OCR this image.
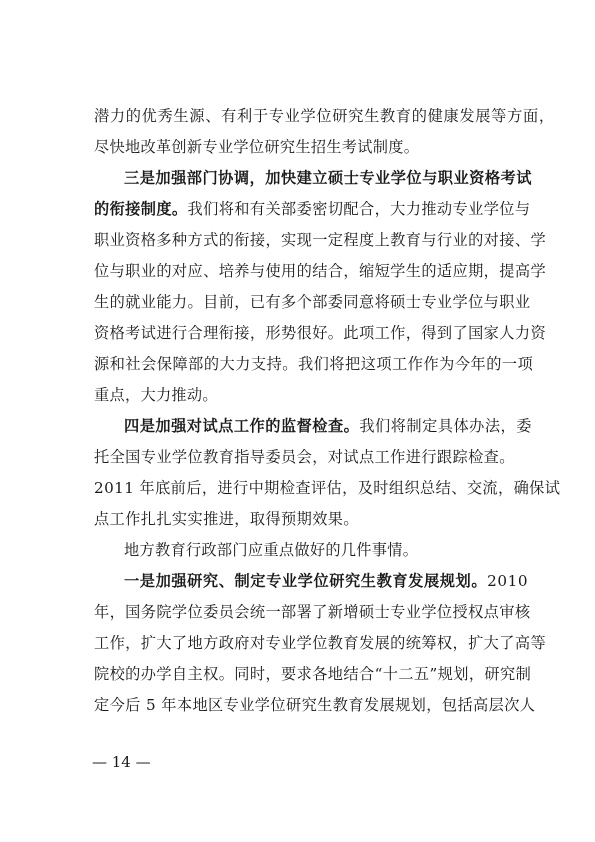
潜力的优秀生源、有利于专业学位研究生教育的健康发展等方面，
尽快地改革创新专业学位研究生招生考试制度。
三是加强部门协调，加快建立硕士专业学位与职业资格考试
的衔接制度。我们将和有关部委密切配合，大力推动专业学位与
职业资格多种方式的衔接，实现一定程度上教育与行业的对接、学
位与职业的对应、培养与使用的结合，缩短学生的适应期，提高学
生的就业能力。目前，已有多个部委同意将硕士专业学位与职业
资格考试进行合理衔接，形势很好。此项工作，得到了国家人力资
源和社会保障部的大力支持。我们将把这项工作作为今年的一项
重点，大力推动。
四是加强对试点工作的监督检查。我们将制定具体办法，委
托全国专业学位教育指导委员会，对试点工作进行跟踪检查。
2011 年底前后，进行中期检查评估，及时组织总结、交流，确保试
点工作扎扎实实推进，取得预期效果。
地方教育行政部门应重点做好的几件事情。
一是加强研究、制定专业学位研究生教育发展规划。2010
年，国务院学位委员会统一部署了新增硕士专业学位授权点审核
工作，扩大了地方政府对专业学位教育发展的统筹权，扩大了高等
院校的办学自主权。同时，要求各地结合“十二五”规划，研究制
定今后 5 年本地区专业学位研究生教育发展规划，包括高层次人
— 14 —
